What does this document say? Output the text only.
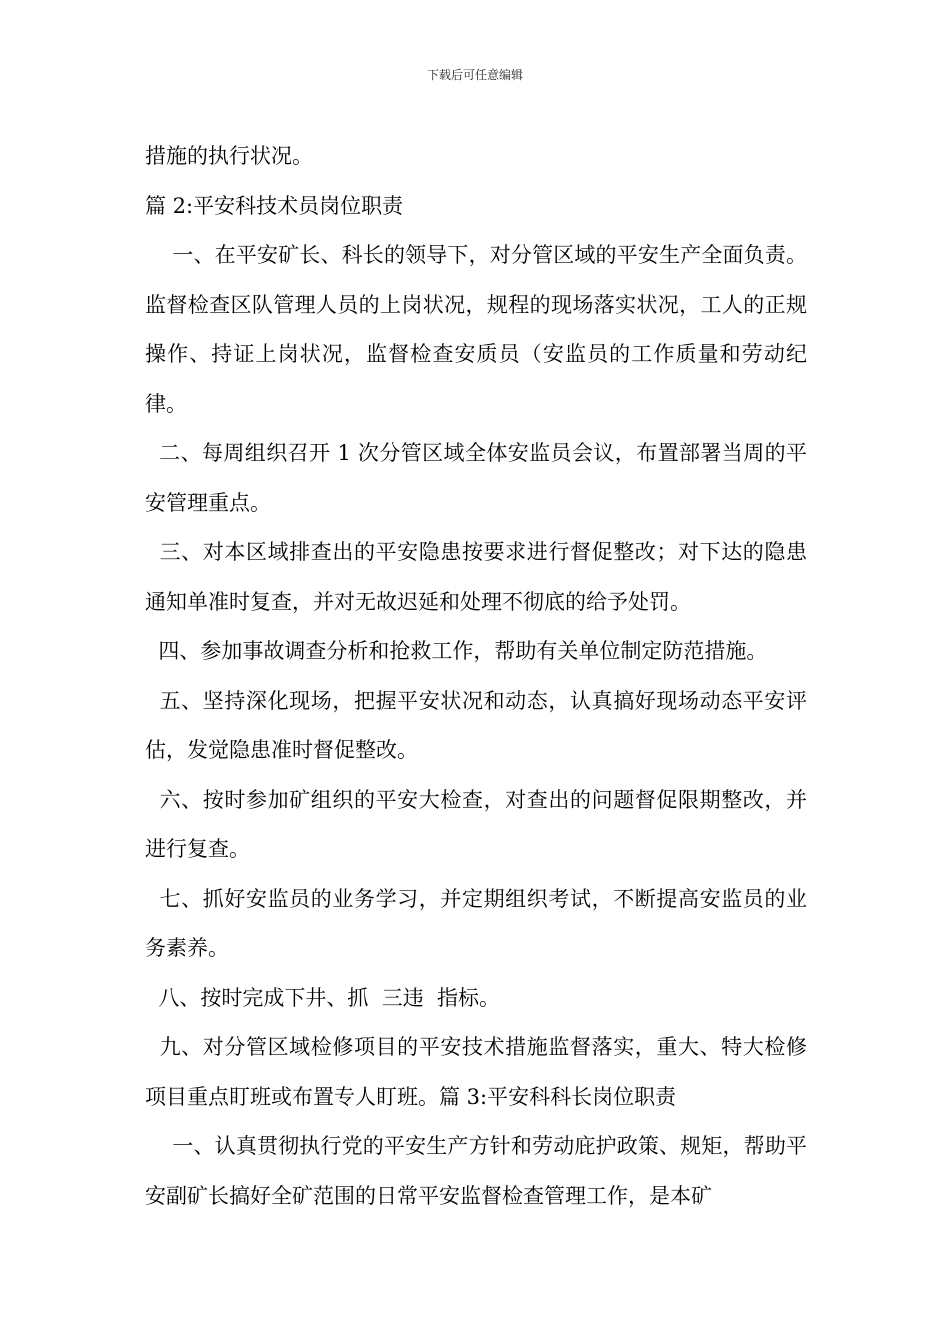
下载后可任意编辑

措施的执行状况。

篇 2:平安科技术员岗位职责

一、在平安矿长、科长的领导下，对分管区域的平安生产全面负责。监督检查区队管理人员的上岗状况，规程的现场落实状况，工人的正规操作、持证上岗状况，监督检查安质员（安监员的工作质量和劳动纪律。

二、每周组织召开 1 次分管区域全体安监员会议，布置部署当周的平安管理重点。

三、对本区域排查出的平安隐患按要求进行督促整改；对下达的隐患通知单准时复查，并对无故迟延和处理不彻底的给予处罚。

四、参加事故调查分析和抢救工作，帮助有关单位制定防范措施。

五、坚持深化现场，把握平安状况和动态，认真搞好现场动态平安评估，发觉隐患准时督促整改。

六、按时参加矿组织的平安大检查，对查出的问题督促限期整改，并进行复查。

七、抓好安监员的业务学习，并定期组织考试，不断提高安监员的业务素养。

八、按时完成下井、抓  三违  指标。

九、对分管区域检修项目的平安技术措施监督落实，重大、特大检修项目重点盯班或布置专人盯班。篇 3:平安科科长岗位职责

一、认真贯彻执行党的平安生产方针和劳动庇护政策、规矩，帮助平安副矿长搞好全矿范围的日常平安监督检查管理工作，是本矿
